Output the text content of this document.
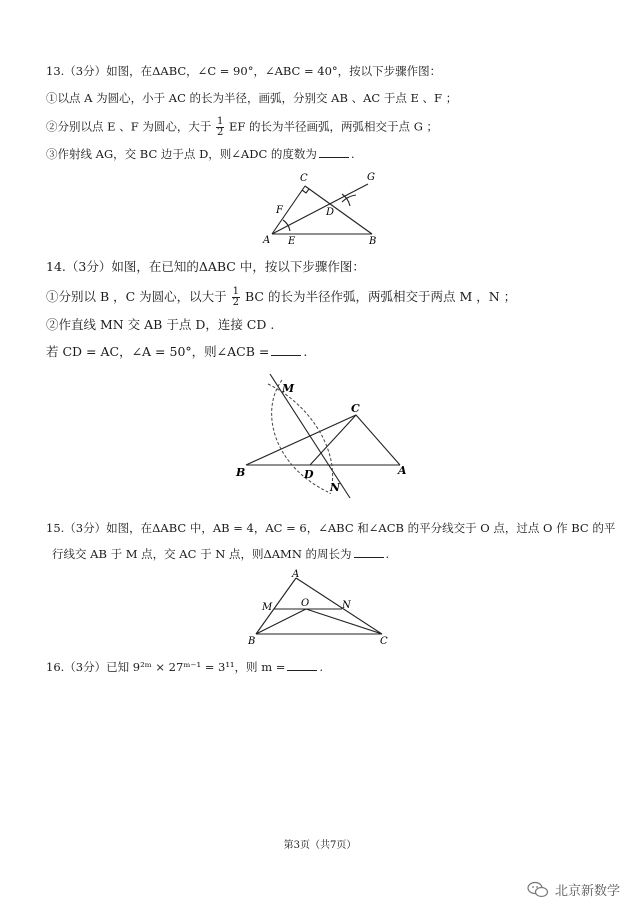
13.（3分）如图，在ΔABC，∠C = 90°，∠ABC = 40°，按以下步骤作图：
①以点 A 为圆心，小于 AC 的长为半径，画弧，分别交 AB 、AC 于点 E 、F ；
②分别以点 E 、F 为圆心，大于 $\frac{1}{2}$ EF 的长为半径画弧，两弧相交于点 G ；
③作射线 AG，交 BC 边于点 D，则∠ADC 的度数为	.
C	G
F	D
A E	B
14.（3分）如图，在已知的ΔABC 中，按以下步骤作图：
①分别以 B ，C 为圆心，以大于 $\frac{1}{2}$ BC 的长为半径作弧，两弧相交于两点 M ，N ；
②作直线 MN 交 AB 于点 D，连接 CD .
若 CD = AC，∠A = 50°，则∠ACB =	.
M
C
B	D	A
N
15.（3分）如图，在ΔABC 中，AB = 4，AC = 6，∠ABC 和∠ACB 的平分线交于 O 点，过点 O 作 BC 的平
行线交 AB 于 M 点，交 AC 于 N 点，则ΔAMN 的周长为	.
A
M	O	N
B	C
16.（3分）已知 9²ᵐ × 27ᵐ⁻¹ = 3¹¹，则 m =	.
第3页（共7页）
北京新数学
